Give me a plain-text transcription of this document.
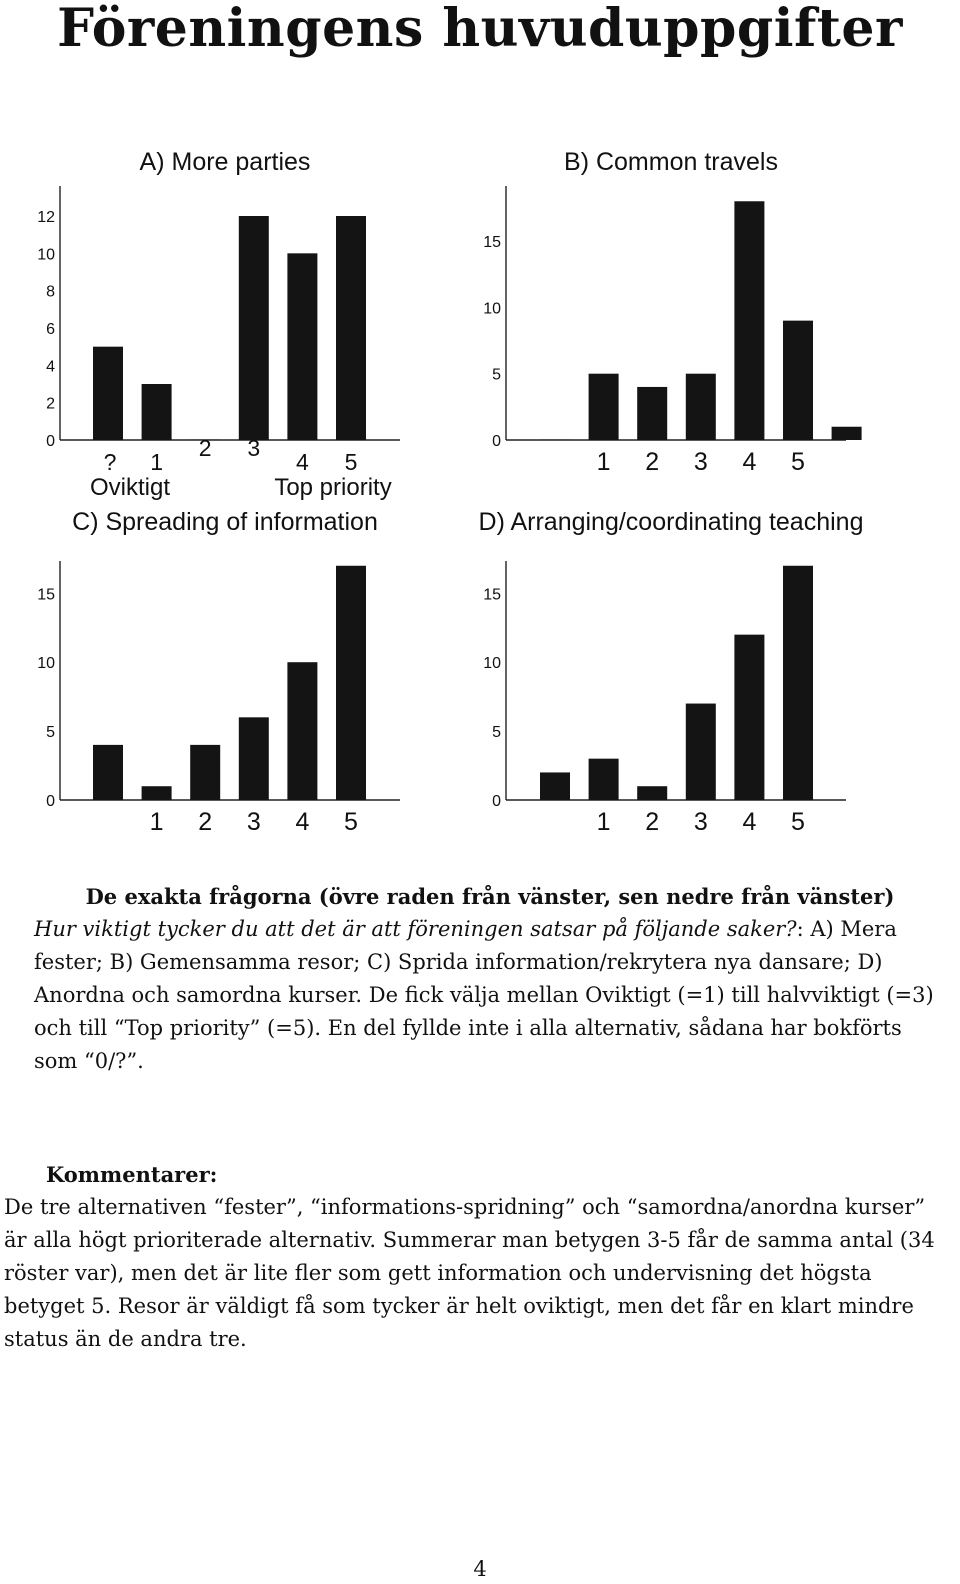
Föreningens huvuduppgifter
A) More parties
0
2
4
6
8
10
12
? 1
2 3
4 5
Oviktigt	Top priority
B) Common travels
0
5
10
15
1 2 3 4 5
C) Spreading of information
0
5
10
15
1 2 3 4 5
D) Arranging/coordinating teaching
0
5
10
15
1 2 3 4 5
De exakta frågorna (övre raden från vänster, sen nedre från vänster)
Hur viktigt tycker du att det är att föreningen satsar på följande saker?: A) Mera fester; B) Gemensamma resor; C) Sprida information/rekrytera nya dansare; D) Anordna och samordna kurser. De fick välja mellan Oviktigt (=1) till halvviktigt (=3) och till “Top priority” (=5). En del fyllde inte i alla alternativ, sådana har bokförts som “0/?”.
Kommentarer:
De tre alternativen “fester”, “informations-spridning” och “samordna/anordna kurser” är alla högt prioriterade alternativ. Summerar man betygen 3-5 får de samma antal (34 röster var), men det är lite fler som gett information och undervisning det högsta betyget 5. Resor är väldigt få som tycker är helt oviktigt, men det får en klart mindre status än de andra tre.
4
